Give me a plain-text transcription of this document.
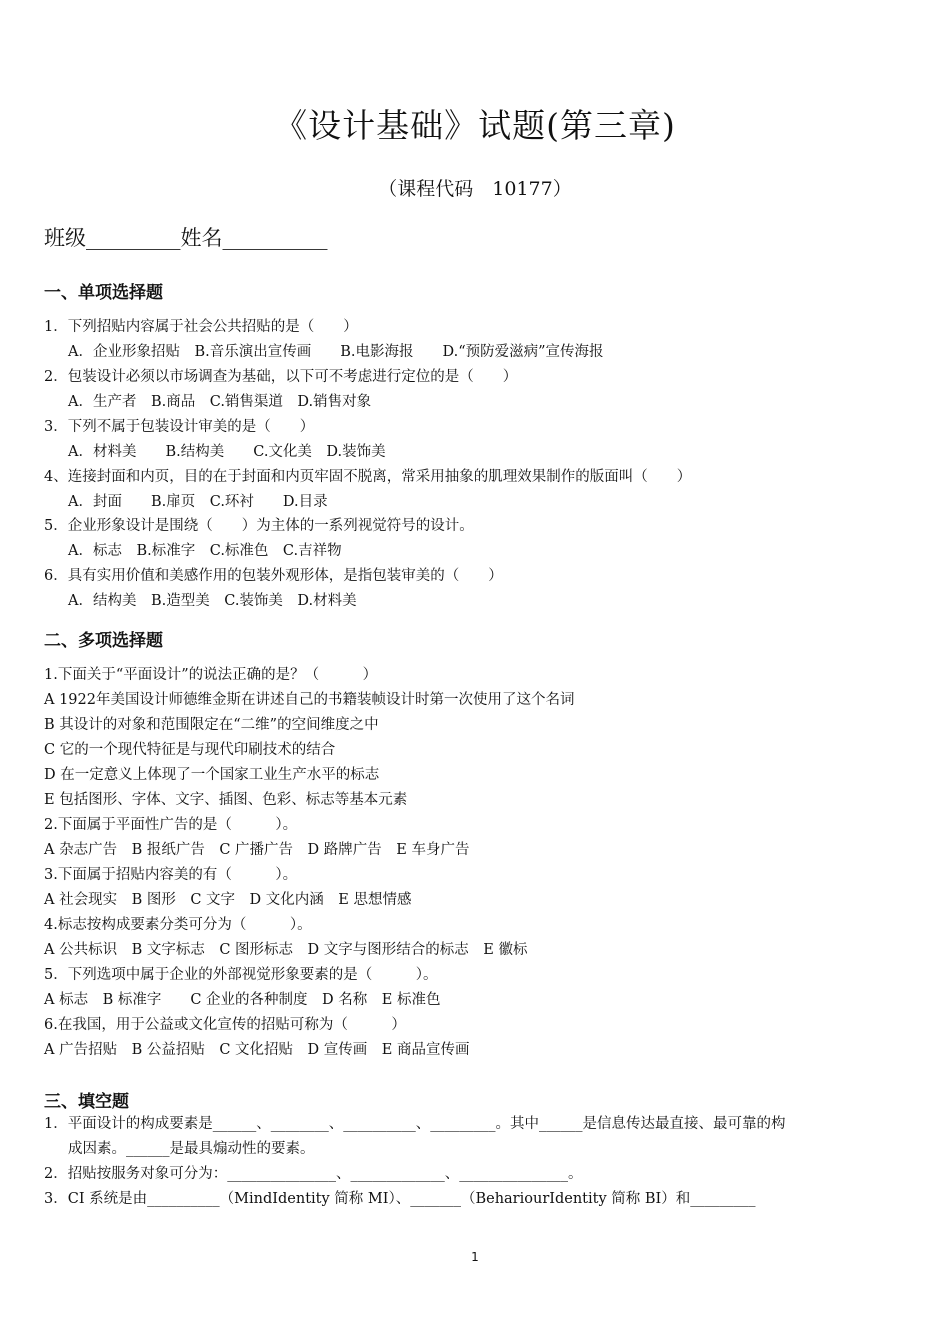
《设计基础》试题(第三章)
（课程代码　10177）
班级_________姓名__________
一、单项选择题
1．下列招贴内容属于社会公共招贴的是（　　）
A．企业形象招贴　B.音乐演出宣传画　　B.电影海报　　D.“预防爱滋病”宣传海报
2．包装设计必须以市场调查为基础，以下可不考虑进行定位的是（　　）
A．生产者　B.商品　C.销售渠道　D.销售对象
3．下列不属于包装设计审美的是（　　）
A．材料美　　B.结构美　　C.文化美　D.装饰美
4、连接封面和内页，目的在于封面和内页牢固不脱离，常采用抽象的肌理效果制作的版面叫（　　）
A．封面　　B.扉页　C.环衬　　D.目录
5．企业形象设计是围绕（　　）为主体的一系列视觉符号的设计。
A．标志　B.标准字　C.标准色　C.吉祥物
6．具有实用价值和美感作用的包装外观形体，是指包装审美的（　　）
A．结构美　B.造型美　C.装饰美　D.材料美
二、多项选择题
1.下面关于“平面设计”的说法正确的是？（　　　）
A 1922年美国设计师德维金斯在讲述自己的书籍装帧设计时第一次使用了这个名词
B 其设计的对象和范围限定在“二维”的空间维度之中
C 它的一个现代特征是与现代印刷技术的结合
D 在一定意义上体现了一个国家工业生产水平的标志
E 包括图形、字体、文字、插图、色彩、标志等基本元素
2.下面属于平面性广告的是（　　　）。
A 杂志广告　B 报纸广告　C 广播广告　D 路牌广告　E 车身广告
3.下面属于招贴内容美的有（　　　）。
A 社会现实　B 图形　C 文字　D 文化内涵　E 思想情感
4.标志按构成要素分类可分为（　　　）。
A 公共标识　B 文字标志　C 图形标志　D 文字与图形结合的标志　E 徽标
5．下列选项中属于企业的外部视觉形象要素的是（　　　）。
A 标志　B 标准字　　C 企业的各种制度　D 名称　E 标准色
6.在我国，用于公益或文化宣传的招贴可称为（　　　）
A 广告招贴　B 公益招贴　C 文化招贴　D 宣传画　E 商品宣传画
三、填空题
1．平面设计的构成要素是______、________、__________、_________。其中______是信息传达最直接、最可靠的构
成因素。______是最具煽动性的要素。
2．招贴按服务对象可分为：_______________、_____________、_______________。
3．CI 系统是由__________（MindIdentity 简称 MI）、_______（BehariourIdentity 简称 BI）和_________
1
